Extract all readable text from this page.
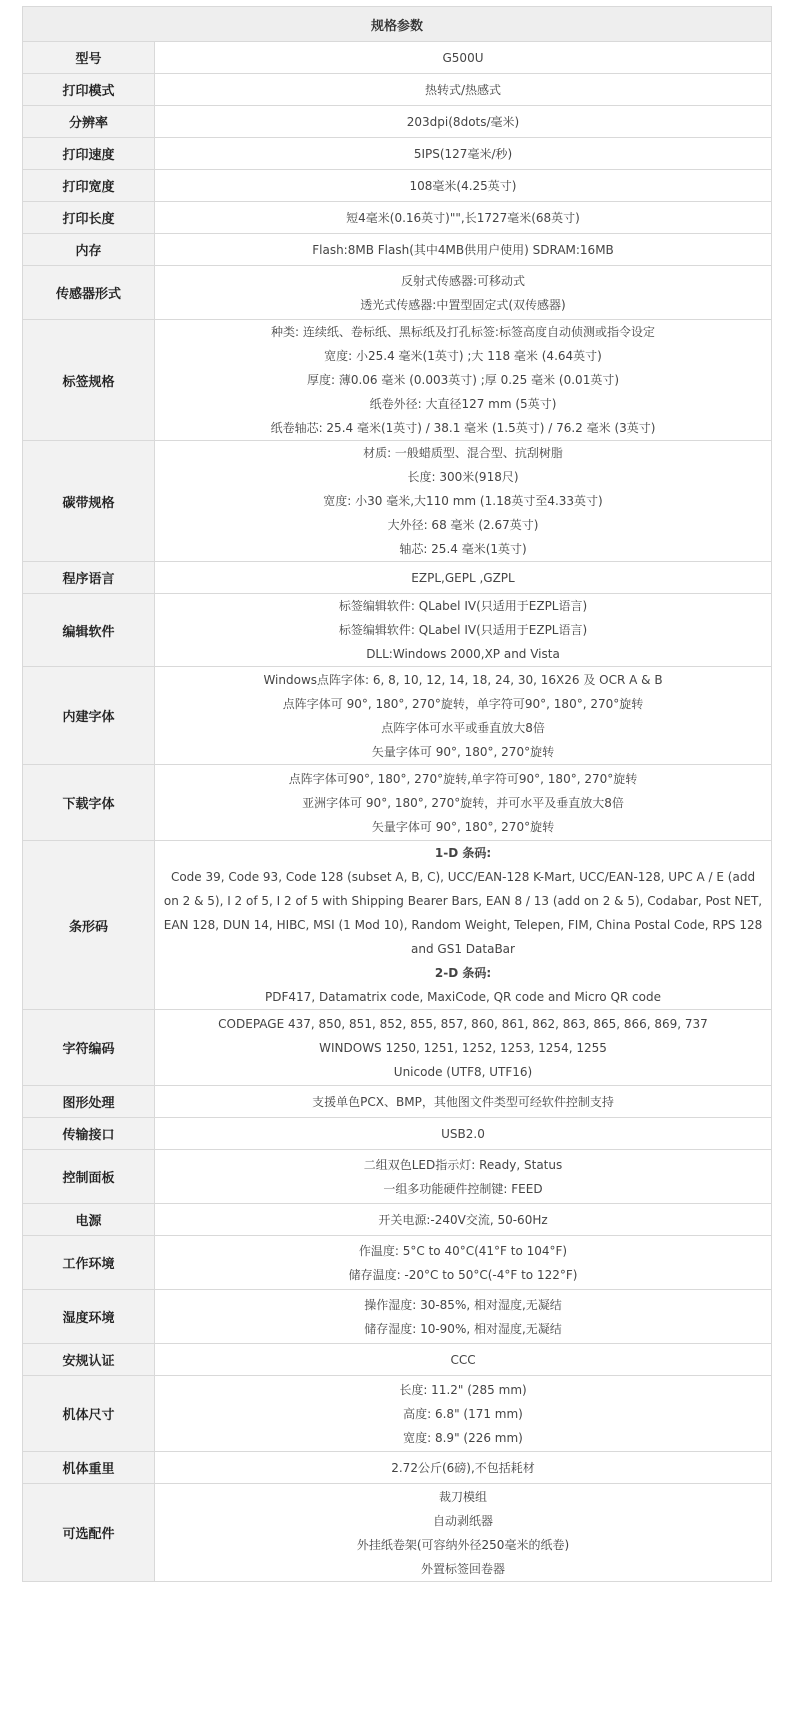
规格参数	
型号	G500U

打印模式	热转式/热感式

分辨率	203dpi(8dots/毫米)

打印速度	5IPS(127毫米/秒)

打印宽度	108毫米(4.25英寸)

打印长度	短4毫米(0.16英寸)"",长1727毫米(68英寸)

内存	Flash:8MB Flash(其中4MB供用户使用) SDRAM:16MB

传感器形式	反射式传感器:可移动式
透光式传感器:中置型固定式(双传感器)

标签规格	种类: 连续纸、卷标纸、黑标纸及打孔标签:标签高度自动侦测或指令设定
宽度: 小25.4 毫米(1英寸) ;大 118 毫米 (4.64英寸)
厚度: 薄0.06 毫米 (0.003英寸) ;厚 0.25 毫米 (0.01英寸)
纸卷外径: 大直径127 mm (5英寸)
纸卷轴芯: 25.4 毫米(1英寸) / 38.1 毫米 (1.5英寸) / 76.2 毫米 (3英寸)

碳带规格	材质: 一般蜡质型、混合型、抗刮树脂
长度: 300米(918尺)
宽度: 小30 毫米,大110 mm (1.18英寸至4.33英寸)
大外径: 68 毫米 (2.67英寸)
轴芯: 25.4 毫米(1英寸)

程序语言	EZPL,GEPL ,GZPL

编辑软件	标签编辑软件: QLabel IV(只适用于EZPL语言)
标签编辑软件: QLabel IV(只适用于EZPL语言)
DLL:Windows 2000,XP and Vista

内建字体	Windows点阵字体: 6, 8, 10, 12, 14, 18, 24, 30, 16X26 及 OCR A & B
点阵字体可 90°, 180°, 270°旋转，单字符可90°, 180°, 270°旋转
点阵字体可水平或垂直放大8倍
矢量字体可 90°, 180°, 270°旋转

下载字体	点阵字体可90°, 180°, 270°旋转,单字符可90°, 180°, 270°旋转
亚洲字体可 90°, 180°, 270°旋转，并可水平及垂直放大8倍
矢量字体可 90°, 180°, 270°旋转

条形码	1-D 条码:
Code 39, Code 93, Code 128 (subset A, B, C), UCC/EAN-128 K-Mart, UCC/EAN-128, UPC A / E (add on 2 & 5), I 2 of 5, I 2 of 5 with Shipping Bearer Bars, EAN 8 / 13 (add on 2 & 5), Codabar, Post NET, EAN 128, DUN 14, HIBC, MSI (1 Mod 10), Random Weight, Telepen, FIM, China Postal Code, RPS 128 and GS1 DataBar
2-D 条码:
PDF417, Datamatrix code, MaxiCode, QR code and Micro QR code

字符编码	CODEPAGE 437, 850, 851, 852, 855, 857, 860, 861, 862, 863, 865, 866, 869, 737
WINDOWS 1250, 1251, 1252, 1253, 1254, 1255
Unicode (UTF8, UTF16)

图形处理	支援单色PCX、BMP，其他图文件类型可经软件控制支持

传输接口	USB2.0

控制面板	二组双色LED指示灯: Ready, Status
一组多功能硬件控制键: FEED

电源	开关电源:-240V交流, 50-60Hz

工作环境	作温度: 5°C to 40°C(41°F to 104°F)
储存温度: -20°C to 50°C(-4°F to 122°F)

湿度环境	操作湿度: 30-85%, 相对湿度,无凝结
储存湿度: 10-90%, 相对湿度,无凝结

安规认证	CCC

机体尺寸	长度: 11.2" (285 mm)
高度: 6.8" (171 mm)
宽度: 8.9" (226 mm)

机体重里	2.72公斤(6磅),不包括耗材

可选配件	裁刀模组
自动剥纸器
外挂纸卷架(可容纳外径250毫米的纸卷)
外置标签回卷器
